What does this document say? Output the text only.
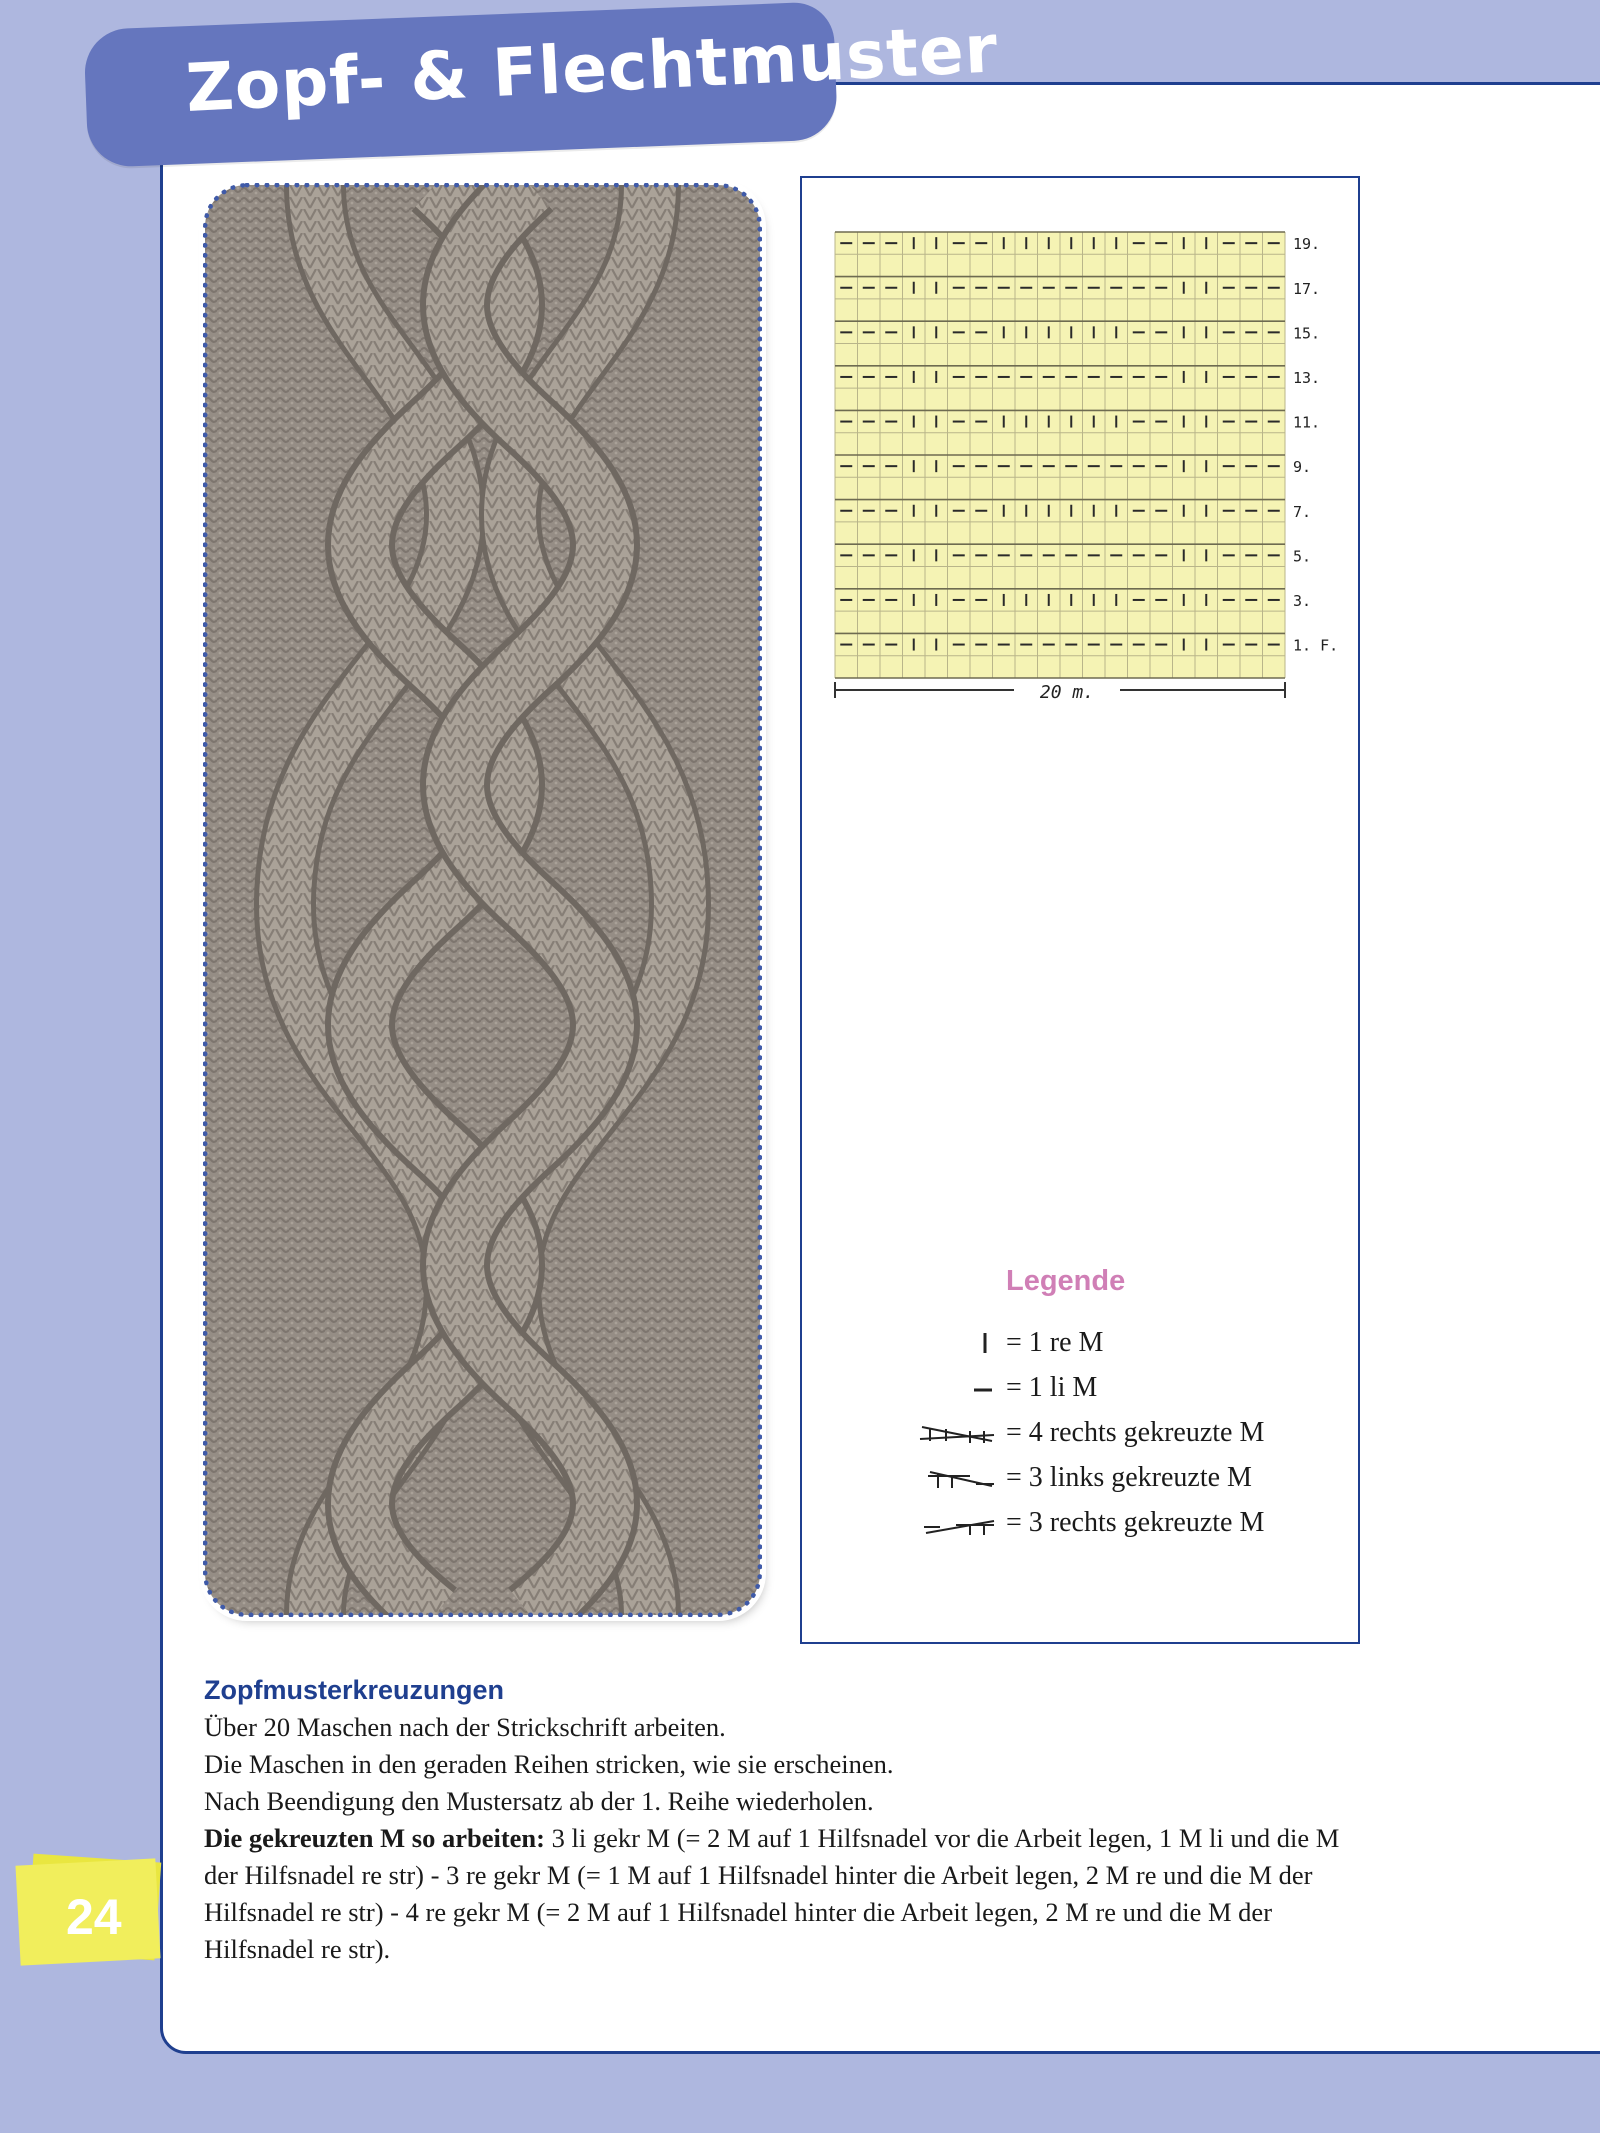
Zopf- & Flechtmuster
19.
17.
15.
13.
11.
9.
7.
5.
3.
1. F.
20 m.
Legende
= 1 re M
= 1 li M
= 4 rechts gekreuzte M
= 3 links gekreuzte M
= 3 rechts gekreuzte M
Zopfmusterkreuzungen

Über 20 Maschen nach der Strickschrift arbeiten.

Die Maschen in den geraden Reihen stricken, wie sie erscheinen.

Nach Beendigung den Mustersatz ab der 1. Reihe wiederholen.

Die gekreuzten M so arbeiten: 3 li gekr M (= 2 M auf 1 Hilfsnadel vor die Arbeit legen, 1 M li und die M der Hilfsnadel re str) - 3 re gekr M (= 1 M auf 1 Hilfsnadel hinter die Arbeit legen, 2 M re und die M der Hilfsnadel re str) - 4 re gekr M (= 2 M auf 1 Hilfsnadel hinter die Arbeit legen, 2 M re und die M der Hilfsnadel re str).

24
